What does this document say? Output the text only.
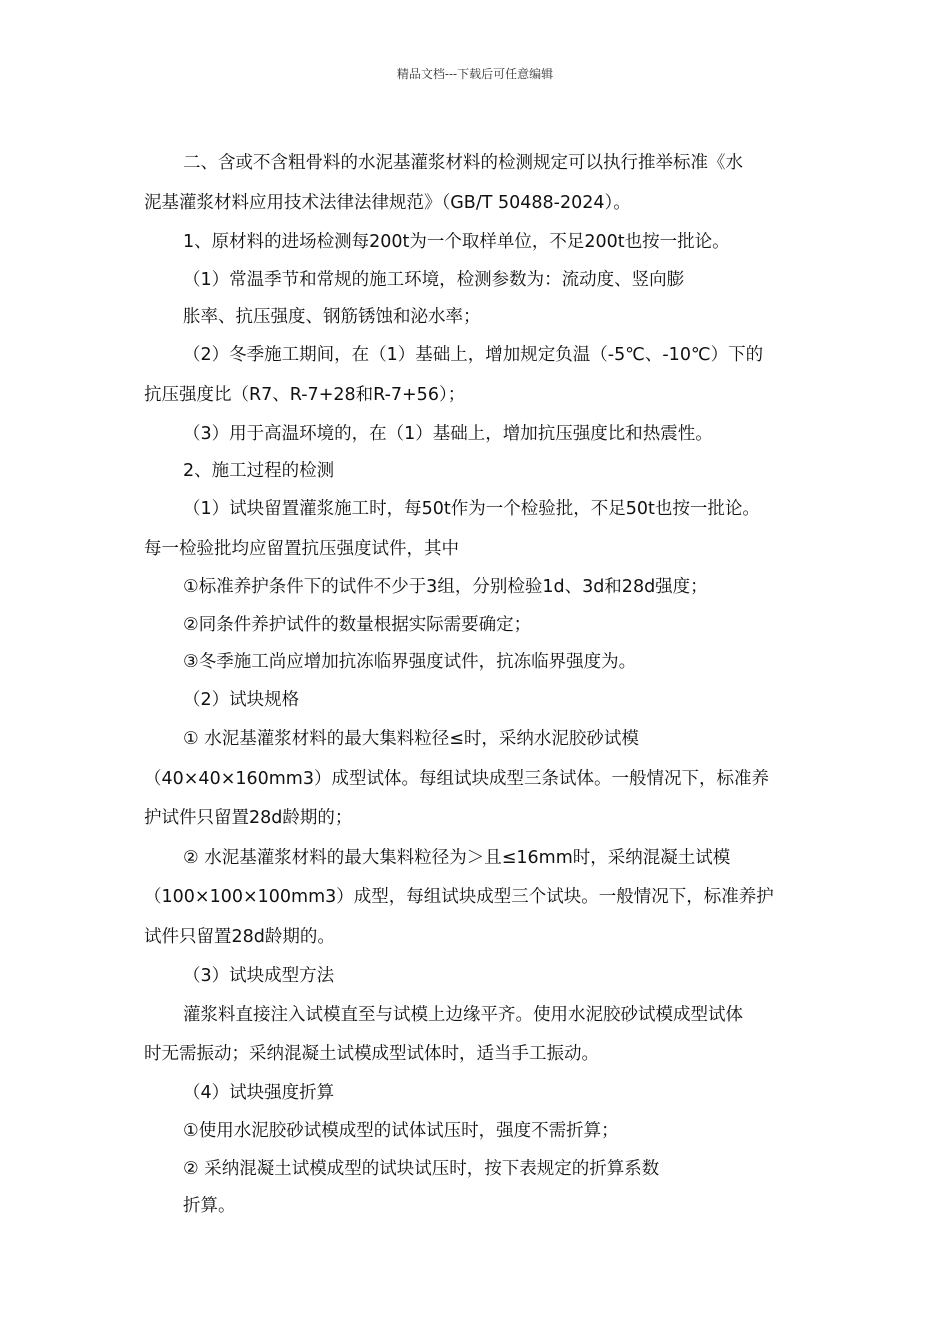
精品文档---下载后可任意编辑
二、含或不含粗骨料的水泥基灌浆材料的检测规定可以执行推举标准《水
泥基灌浆材料应用技术法律法律规范》（GB/T 50488-2024）。
1、原材料的进场检测每200t为一个取样单位，不足200t也按一批论。
（1）常温季节和常规的施工环境，检测参数为：流动度、竖向膨
胀率、抗压强度、钢筋锈蚀和泌水率；
（2）冬季施工期间，在（1）基础上，增加规定负温（-5℃、-10℃）下的
抗压强度比（R7、R-7+28和R-7+56）；
（3）用于高温环境的，在（1）基础上，增加抗压强度比和热震性。
2、施工过程的检测
（1）试块留置灌浆施工时，每50t作为一个检验批，不足50t也按一批论。
每一检验批均应留置抗压强度试件，其中
①标准养护条件下的试件不少于3组，分别检验1d、3d和28d强度；
②同条件养护试件的数量根据实际需要确定；
③冬季施工尚应增加抗冻临界强度试件，抗冻临界强度为。
（2）试块规格
① 水泥基灌浆材料的最大集料粒径≤时，采纳水泥胶砂试模
（40×40×160mm3）成型试体。每组试块成型三条试体。一般情况下，标准养
护试件只留置28d龄期的；
② 水泥基灌浆材料的最大集料粒径为＞且≤16mm时，采纳混凝土试模
（100×100×100mm3）成型，每组试块成型三个试块。一般情况下，标准养护
试件只留置28d龄期的。
（3）试块成型方法
灌浆料直接注入试模直至与试模上边缘平齐。使用水泥胶砂试模成型试体
时无需振动；采纳混凝土试模成型试体时，适当手工振动。
（4）试块强度折算
①使用水泥胶砂试模成型的试体试压时，强度不需折算；
② 采纳混凝土试模成型的试块试压时，按下表规定的折算系数
折算。
